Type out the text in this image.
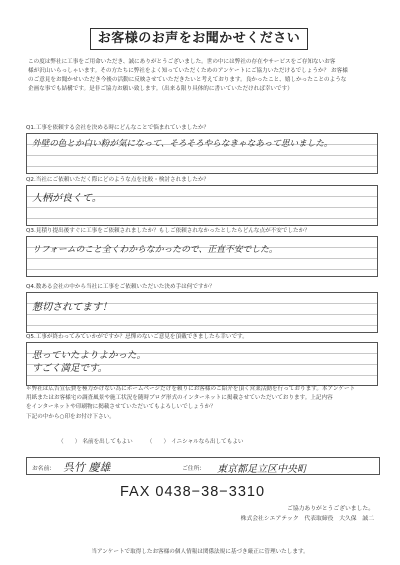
お客様のお声をお聞かせください

この度は弊社に工事をご用命いただき、誠にありがとうございました。世の中には弊社の存在やサービスをご存知ないお客

様が沢山いらっしゃいます。その方たちに弊社をよく知っていただくためのアンケートにご協力いただけるでしょうか？ お客様

のご意見をお聞かせいただき今後の活動に反映させていただきたいと考えております。良かったこと、嬉しかったことのような

企画な事でも結構です。是非ご協力お願い致します。（出来る限り具体的に書いていただければ幸いです）

Q1.工事を依頼する会社を決める時にどんなことで悩まれていましたか？
外壁の色とか白い粉が気になって、そろそろやらなきゃなあって思いました。
Q2.当社にご依頼いただく際にどのような点を比較・検討されましたか？
人柄が良くて。
Q3.見積り提出後すぐに工事をご依頼されましたか？もしご依頼されなかったとしたらどんな点が不安でしたか？
リフォームのこと全くわからなかったので、正直不安でした。
Q4.数ある会社の中から当社に工事をご依頼いただいた決め手は何ですか？
懇切されてます！
Q5.工事が終わってみていかがですか？忌憚のないご意見を頂戴できましたら幸いです。
思っていたよりよかった。
すごく満足です。

＊弊社は広告宣伝費を極力かけない為にホームページだけを頼りにお客様のご紹介を頂く営業活動を行っております。本アンケート

用紙またはお客様宅の調査風景や施工状況を随時ブログ形式のインターネットに掲載させていただいております。上記内容

をインターネットや印刷物に掲載させていただいてもよろしいでしょうか？

下記の中から○印をお付け下さい。

（　　） 名前を出してもよい	（　　） イニシャルなら出してもよい
お名前: 呉竹 慶雄	ご住所: 東京都足立区中央町
FAX 0438−38−3310
ご協力ありがとうございました。
株式会社シエアテック　代表取締役　大久保　誠二
当アンケートで取得したお客様の個人情報は関係法規に基づき厳正に管理いたします。
